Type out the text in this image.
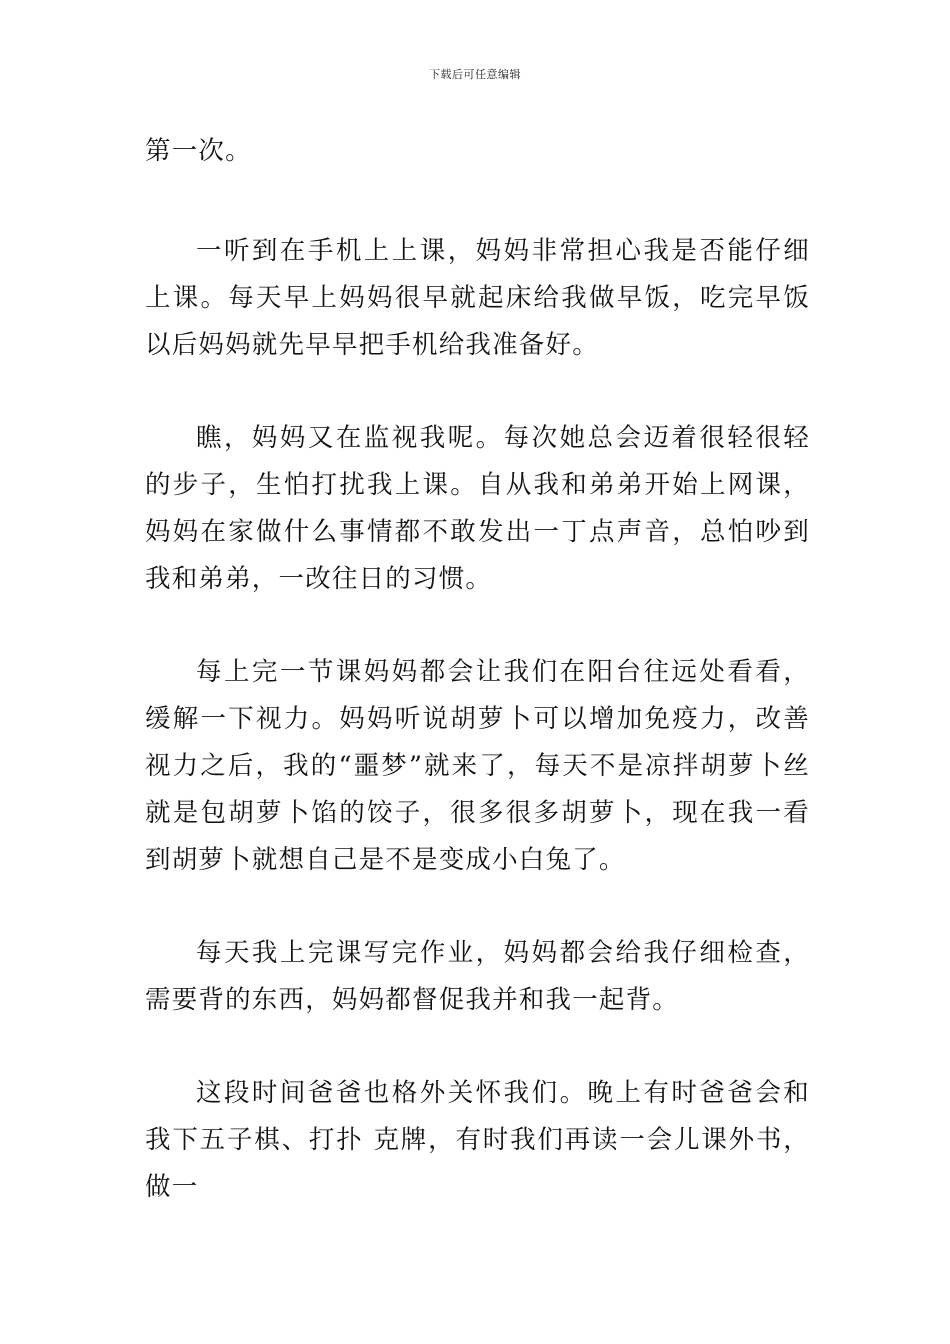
下载后可任意编辑

第一次。

一听到在手机上上课，妈妈非常担心我是否能仔细上课。每天早上妈妈很早就起床给我做早饭，吃完早饭以后妈妈就先早早把手机给我准备好。

瞧，妈妈又在监视我呢。每次她总会迈着很轻很轻的步子，生怕打扰我上课。自从我和弟弟开始上网课，妈妈在家做什么事情都不敢发出一丁点声音，总怕吵到我和弟弟，一改往日的习惯。

每上完一节课妈妈都会让我们在阳台往远处看看，缓解一下视力。妈妈听说胡萝卜可以增加免疫力，改善视力之后，我的“噩梦”就来了，每天不是凉拌胡萝卜丝就是包胡萝卜馅的饺子，很多很多胡萝卜，现在我一看到胡萝卜就想自己是不是变成小白兔了。

每天我上完课写完作业，妈妈都会给我仔细检查，需要背的东西，妈妈都督促我并和我一起背。

这段时间爸爸也格外关怀我们。晚上有时爸爸会和我下五子棋、打扑 克牌，有时我们再读一会儿课外书，做一
